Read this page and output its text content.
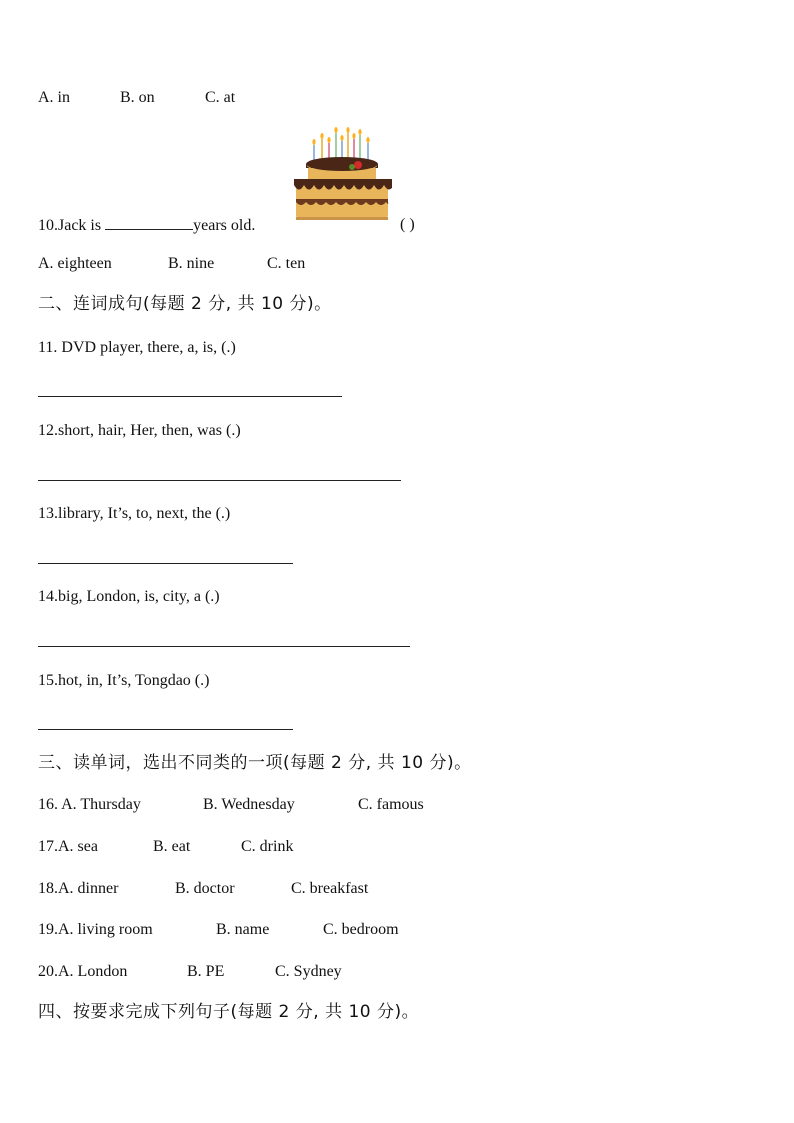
A. in	B. on	C. at
10.Jack is	years old.	( )
A. eighteen	B. nine	C. ten
二、连词成句(每题 2 分, 共 10 分)。
11. DVD player, there, a, is, (.)
12.short, hair, Her, then, was (.)
13.library, It’s, to, next, the (.)
14.big, London, is, city, a (.)
15.hot, in, It’s, Tongdao (.)
三、读单词，选出不同类的一项(每题 2 分, 共 10 分)。
16. A. Thursday	B. Wednesday	C. famous
17.A. sea	B. eat	C. drink
18.A. dinner	B. doctor	C. breakfast
19.A. living room	B. name	C. bedroom
20.A. London	B. PE	C. Sydney
四、按要求完成下列句子(每题 2 分, 共 10 分)。
